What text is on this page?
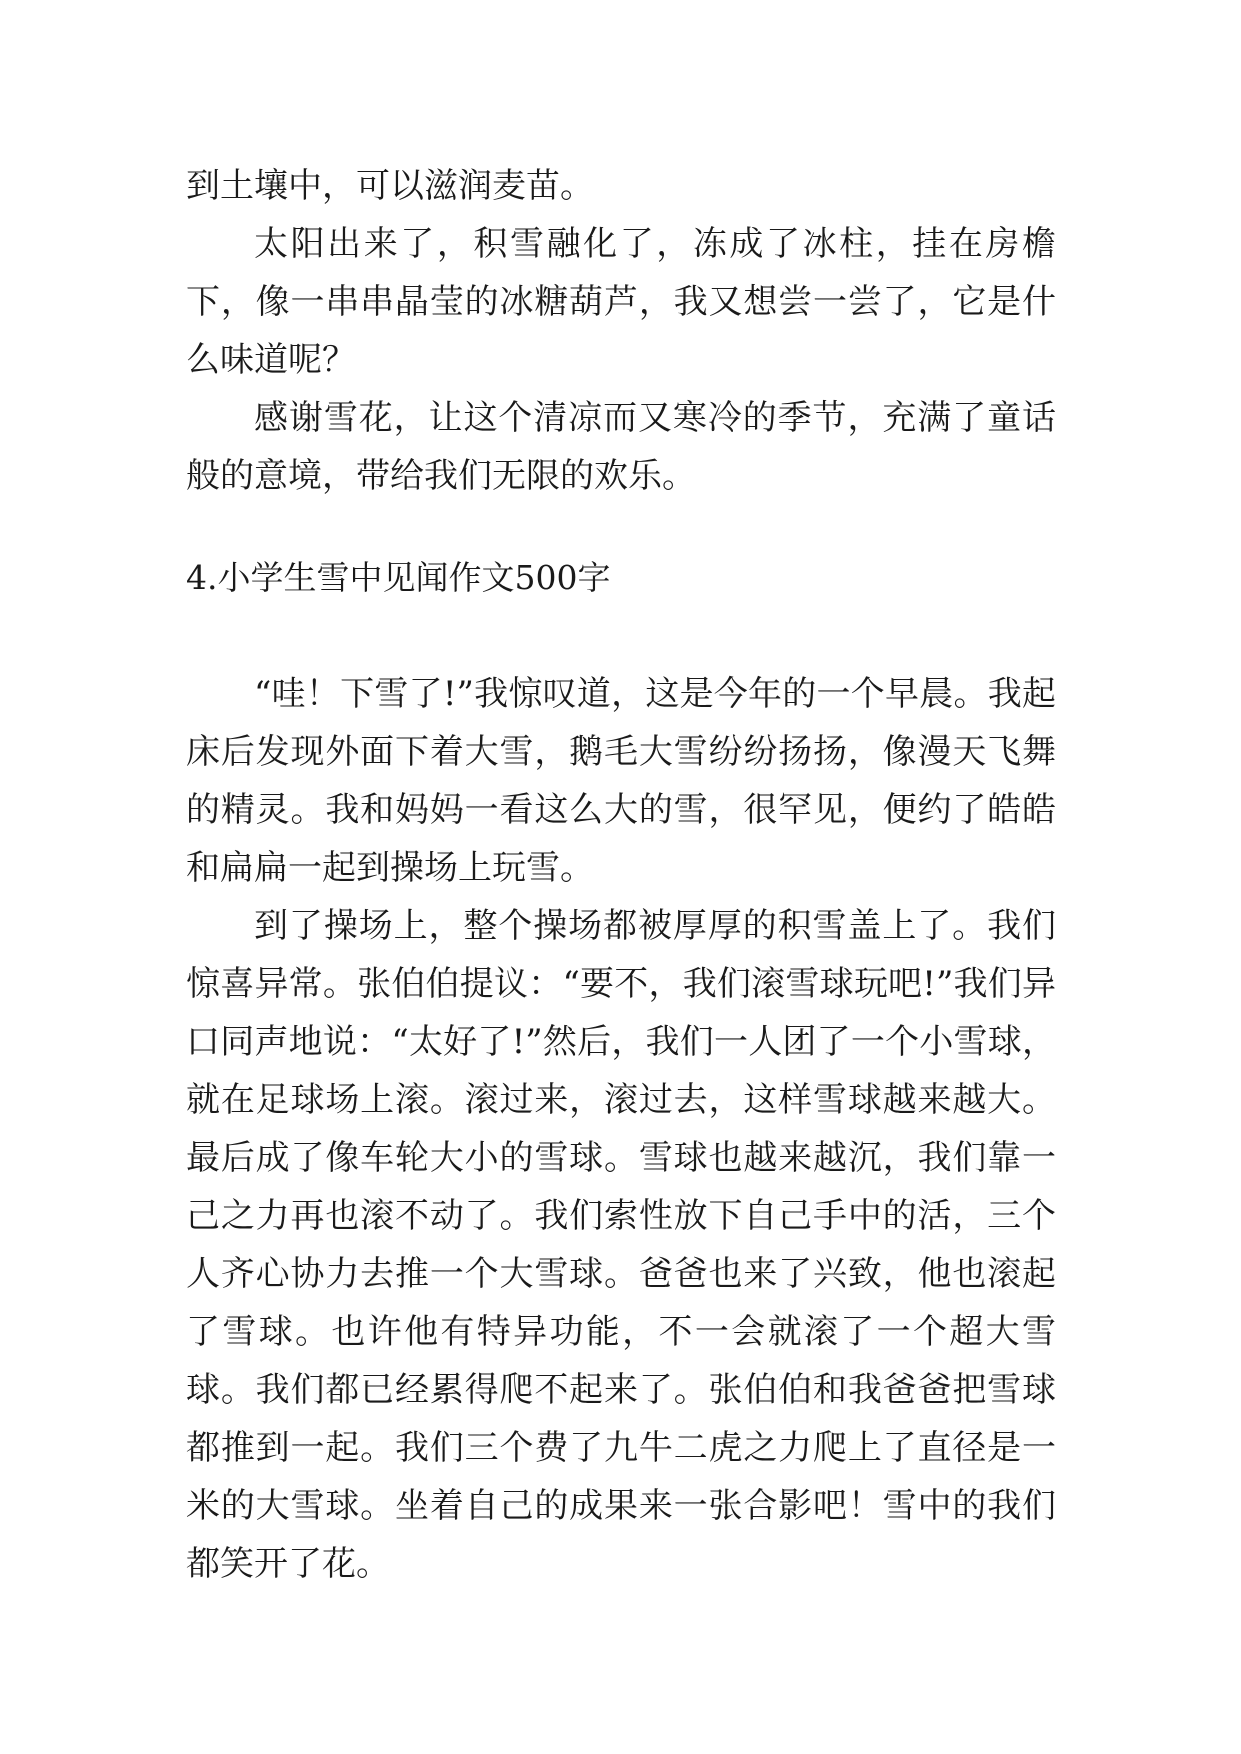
到土壤中，可以滋润麦苗。

太阳出来了，积雪融化了，冻成了冰柱，挂在房檐下，像一串串晶莹的冰糖葫芦，我又想尝一尝了，它是什么味道呢？

感谢雪花，让这个清凉而又寒冷的季节，充满了童话般的意境，带给我们无限的欢乐。

4.小学生雪中见闻作文500字

“哇！下雪了!”我惊叹道，这是今年的一个早晨。我起床后发现外面下着大雪，鹅毛大雪纷纷扬扬，像漫天飞舞的精灵。我和妈妈一看这么大的雪，很罕见，便约了皓皓和扁扁一起到操场上玩雪。

到了操场上，整个操场都被厚厚的积雪盖上了。我们惊喜异常。张伯伯提议：“要不，我们滚雪球玩吧!”我们异口同声地说：“太好了!”然后，我们一人团了一个小雪球，就在足球场上滚。滚过来，滚过去，这样雪球越来越大。最后成了像车轮大小的雪球。雪球也越来越沉，我们靠一己之力再也滚不动了。我们索性放下自己手中的活，三个人齐心协力去推一个大雪球。爸爸也来了兴致，他也滚起了雪球。也许他有特异功能，不一会就滚了一个超大雪球。我们都已经累得爬不起来了。张伯伯和我爸爸把雪球都推到一起。我们三个费了九牛二虎之力爬上了直径是一米的大雪球。坐着自己的成果来一张合影吧！雪中的我们都笑开了花。
